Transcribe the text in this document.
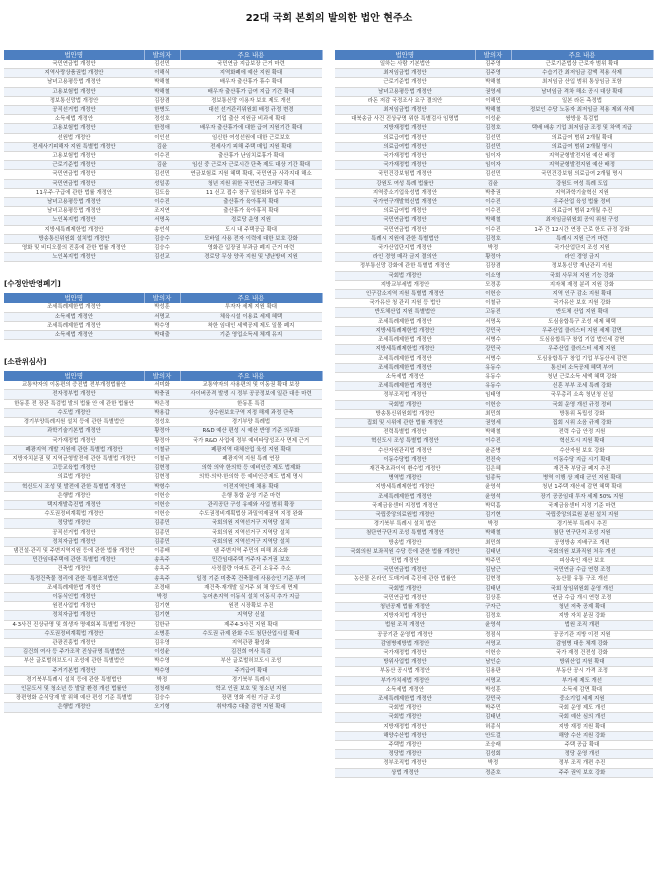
22대 국회 본회의 발의한 법안 현주소
법안명	발의자	주요 내용
국민연금법 개정안	김선민	국민연금 지급보장 근거 마련
지역사랑상품권법 개정안	이해식	지역화폐에 예산 지원 확대
남녀고용평등법 개정안	박해철	배우자 출산휴가 휴수 확대
고용보험법 개정안	박해철	배우자 출산휴가 급여 지급 기간 확대
정보통신망법 개정안	김장겸	정보통신망 이용자 보호 제도 개선
공직선거법 개정안	한병도	대선 선거관리위원회 배정 규정 변경
소득세법 개정안	정성호	기업 출산 지원금 비과세 확대
고용보험법 개정안	한정애	배우자 출산휴가에 대한 급여 지원기간 확대
선원법 개정안	이인선	임신한 여성선원에 대한 근로보호
전세사기피해자 지원 특별법 개정안	김윤	전세사기 피해 주택 매입 지원 확대
고용보험법 개정안	이수진	출산휴가 난임치료휴가 확대
근로기준법 개정안	김윤	임신 중 근로자 근로시간 단축 제도 대상 기간 확대
국민연금법 개정안	김선민	연금보험료 지원 혜택 확대, 국민연금 사각지대 해소
국민연금법 개정안	성일종	청년 지원 위한 국민연금 크레딧 확대
11우주·구급에 관한 법률 개정안	김도읍	11 신고 접수 창구 일원화와 업무 추진
남녀고용평등법 개정안	이수진	출산휴가 육아휴직 확대
남녀고용평등법 개정안	조지연	출산휴가 육아휴직 확대
노인복지법 개정안	서명옥	경로당 운영 지원
지방세특례제한법 개정안	송언석	도시 내 주택공급 확대
방송통신위원회 설치법 개정안	김승수	모바일 사용 전자 이력에 대한 보호 강화
영화 및 비디오물의 진흥에 관한 법률 개정안	김승수	영화관 입장권 부과금 폐지 근거 마련
노인복지법 개정안	김선교	경로당 무상 양곡 지원 및 냉난방비 지원
[수정안반영폐기]
법안명	발의자	주요 내용
조세특례제한법 개정안	박성훈	투자자 세제 지원 확대
소득세법 개정안	서명교	체육시설 이용료 세제 혜택
조세특례제한법 개정안	박수영	착한 임대인 세액공제 제도 일몰 폐지
소득세법 개정안	박대출	기준 영업소득세 체계 유지
[소관위심사]
법안명	발의자	주요 내용
교통약자의 이동편의 증진법 전부개정법률안	서미화	교통약자의 사용편의 및 이동권 확대 보장
전자정부법 개정안	박충권	사이버공격 발생 시 정부 공공정보에 일관 대응 마련
한동훈 전 장관 특검법 발의 법률 안 에 관한 법률안	박은정	한동훈 특검
수도법 개정안	박용갑	상수원보호구역 지정 해제 과정 단축
경기부양특례지원 설치 등에 관한 특별법안	정성호	경기부양 특례법
과학기술기본법 개정안	황정아	R&D 예산 편성 시 예산 반영 기준 의무화
국가재정법 개정안	황정아	국가 R&D 사업에 정부 예비타당성조사 면제 근거
폐광지역 개발 지원에 관한 특별법 개정안	이철규	폐광지역 대체산업 육성 지원 확대
지방자치분권 및 지역균형발전에 관한 특별법 개정안	이철규	폐광지역 지원 특례 연장
고등교육법 개정안	김현정	의학 의약 한의학 등 예비인증 제도 법제화
의료법 개정안	김현정	의학·의약·한의학 등 예비인증제도 법제 명시
혁신도시 조성 및 발전에 관한 특별법 개정안	박형수	이전지역인재 채용 확대
은행법 개정안	이헌승	은행 통합 운영 기준 마련
택지개발촉진법 개정안	이헌승	관리공단 구성 유예와 사업 범위 확장
수도권정비계획법 개정안	이헌승	수도권정비계획법상 과밀억제권역 지정 완화
정당법 개정안	김종민	국회의원 지역선거구 지역당 설치
공직선거법 개정안	김종민	국회의원 지역선거구 지역당 설치
정치자금법 개정안	김종민	국회의원 지역선거구 지역당 설치
댐건설·관리 및 주변지역지원 등에 관한 법률 개정안	이종배	댐 주변지역 주민의 피해 최소화
민간임대주택에 관한 특별법 개정안	송옥주	민간임대주택 거주자 주거권 보호
건축법 개정안	송옥주	사정불량 아파트 관리 소유주 추소
특정건축물 정리에 관한 특별조치법안	송옥주	일정 기준 미충족 건축물에 사용승인 기준 부여
조세특례제한법 개정안	조경태	재건축·재개발 실거주 외 채 양도세 면제
이동식인법 개정안	박정	농어촌지역 이동식 설치 이동식 추가 지급
원전사업법 개정안	김기현	원전 시장확보 추진
정치자금법 개정안	김기현	지역당 신설
4·3사건 진상규명 및 희생자 명예회복 특별법 개정안	김한규	제주4·3사건 지원 확대
수도권정비계획법 개정안	소병훈	수도권 규제 완화 수도 첨단산업시설 확대
관광진흥법 개정안	김우영	지역관광 활성화
김건희 여사 등 주가조작 진상규명 특별법안	이성윤	김건희 여사 특검
부산 글로벌허브도시 조성에 관한 특별법안	박수영	부산 글로벌허브도시 조성
주거기본법 개정안	박수영	주거급여 확대
경기북부특례시 설치 등에 관한 특별법안	박정	경기북부 특례시
인문도서 및 청소년 등 발달 환경 개선 법률안	정청래	학교 인권 보호 및 청소년 지원
장편영화 순식당재 발 위해 예산 편성 기준 특별법	김승수	장편 영화 지원 기금 조성
은행법 개정안	오기형	취약계층 대출 감면 지원 확대
법안명	발의자	주요 내용
일하는 사람 기본법안	김주영	근로기준법상 근로자 범위 확대
최저임금법 개정안	김주영	수습기간 최저임금 감액 적용 삭제
근로기준법 개정안	박해철	최저임금 산입 범위 통상임금 포함
남녀고용평등법 개정안	권영세	남녀임금 격차 해소 공시 대상 확대
라돈 저감 국정조사 요구 결의안	이해민	일본 라돈 측정법
최저임금법 개정안	박해철	정보인 수당 노동자 최저임금 적용 제외 삭제
대북송금 사건 진상규명 위한 특별검사 임명법	이성윤	쌍방울 특검법
지방재정법 개정안	김정호	택배 배송 기업 최저임금 조정 및 차액 지급
의료급여법 개정안	김선민	의료급여 범위 2개월 확대
의료급여법 개정안	김선민	의료급여 범위 2개월 명시
국가재정법 개정안	임이자	지역균형발전지원 예산 배정
국가재정법 개정안	임이자	지역균형발전지원 예산 배정
국민건강보험법 개정안	김선민	국민건강보험 의료급여 2개월 명시
강원도 여성 특례 법률안	김윤	강원도 여성 특례 도입
지역중소기업육성법 개정안	박충권	지역과학기술혁신 지원
국가연구개발혁신법 개정안	이수진	우주산업 육성 법률 정비
의료급여법 개정안	이수진	의료급여 범위 2개월 추진
국민연금법 개정안	박해철	최저임금위원회 공익 위원 구성
국민연금법 개정안	이수진	1주 간 12시간 연장 근로 한도 규정 강화
특례시 지원에 관한 특별법안	김정호	특례시 지원 근거 마련
국가산업단지법 개정안	박정	국가산업단지 조성 지원
라인 경영 매각 금지 결의안	황정아	라인 경영 금지
정부통신망 강화에 관한 특별법 개정안	김장겸	정보통신망 재난관리 지원
국회법 개정안	이소영	국회 사무처 지원 기능 강화
지방교부세법 개정안	모경종	지자체 재정 분리 지원 강화
인구감소지역 지원 특별법 개정안	이헌승	지역 인구 감소 지원 확대
국가유산 청 관리 지원 등 법안	이철규	국가유산 보호 지원 강화
반도체산업 지원 특별법안	고동진	반도체 산업 지원 확대
조세특례제한법 개정안	서명옥	도심융합특구 조성 세제 혜택
지방세특례제한법 개정안	강민국	우주산업 클러스터 지원 세제 감면
조세특례제한법 개정안	서병수	도심융합특구 창업 기업 법인세 감면
지방세특례제한법 개정안	강민국	우주산업 클러스터 세제 지원
조세특례제한법 개정안	서병수	도심융합특구 창업 기업 부동산세 감면
조세특례제한법 개정안	유동수	통신비 소득공제 혜택 부여
소득세법 개정안	유동수	청년 근로소득 세액 혜택 강화
조세특례제한법 개정안	유동수	신혼 부부 조세 특례 강화
정부조직법 개정안	임태영	국무총리 소속 청년청 신설
국회법 개정안	이헌승	국회 운영 개선 규정 정비
방송통신위원회법 개정안	최민희	방통위 독립성 강화
집회 및 시위에 관한 법률 개정안	권영세	집회 시위 소음 규제 강화
전력특별법 개정안	박해철	전력 수급 안정 지원
혁신도시 조성 특별법 개정안	이수진	혁신도시 지원 확대
수산자원관리법 개정안	윤준병	수산자원 보호 강화
이동수당법 개정안	전진숙	이동수당 지급 시기 확대
재건축초과이익 환수법 개정안	김은혜	재건축 부담금 폐지 추진
병역법 개정안	임종득	병역 이행 상 제대 군인 지원 확대
지방세특례제한법 개정안	윤영석	청년 1주택 재산세 감면 혜택 확대
조세특례제한법 개정안	윤영석	장기 공공임대 투자 세제 50% 지원
국제금융센터 지정법 개정안	박덕흠	국제금융센터 지정 기준 마련
국립중앙의료원법 개정안	김기현	국립중앙의료원 분원 설치 지원
경기북부 특례시 설치 법안	박정	경기북부 특례시 추진
첨단연구단지 조성 특별법 개정안	박해철	첨단 연구단지 조성 지원
방송법 개정안	최민희	공영방송 지배구조 개편
국회의원 보좌직원 수당 등에 관한 법률 개정안	김태년	국회의원 보좌직원 처우 개선
민법 개정안	박주민	피상속인 재산 보호
국민연금법 개정안	김남근	국민연금 수급 연령 조정
농산물 온라인 도매거래 촉진에 관한 법률안	김현정	농산물 유통 구조 개선
국회법 개정안	김태년	국회 상임위원회 운영 개선
국민연금법 개정안	김상훈	연금 수급 개시 연령 조정
청년공제 법률 개정안	구자근	청년 저축 공제 확대
지방자치법 개정안	김정호	지방 자치 분권 강화
법원 조직 개정안	윤영석	법원 조직 개편
공공기관 운영법 개정안	정점식	공공기관 지방 이전 지원
감염병예방법 개정안	서영교	감염병 대응 체계 강화
국가재정법 개정안	이헌승	국가 재정 건전성 강화
방위사업법 개정안	남인순	방위산업 지원 확대
부동산 공시법 개정안	김용판	부동산 공시 가격 조정
부가가치세법 개정안	서명교	부가세 제도 개선
소득세법 개정안	박성훈	소득세 감면 확대
조세특례제한법 개정안	강민국	중소기업 세제 지원
국회법 개정안	박주민	국회 운영 제도 개선
국회법 개정안	김태년	국회 예산 심의 개선
지방재정법 개정안	허종식	지방 재정 지원 확대
해양수산법 개정안	안도걸	해양 수산 지원 강화
주택법 개정안	조승래	주택 공급 확대
정당법 개정안	김성회	정당 운영 개선
정부조직법 개정안	박정	정부 조직 개편 추진
상법 개정안	정준호	주주 권익 보호 강화
